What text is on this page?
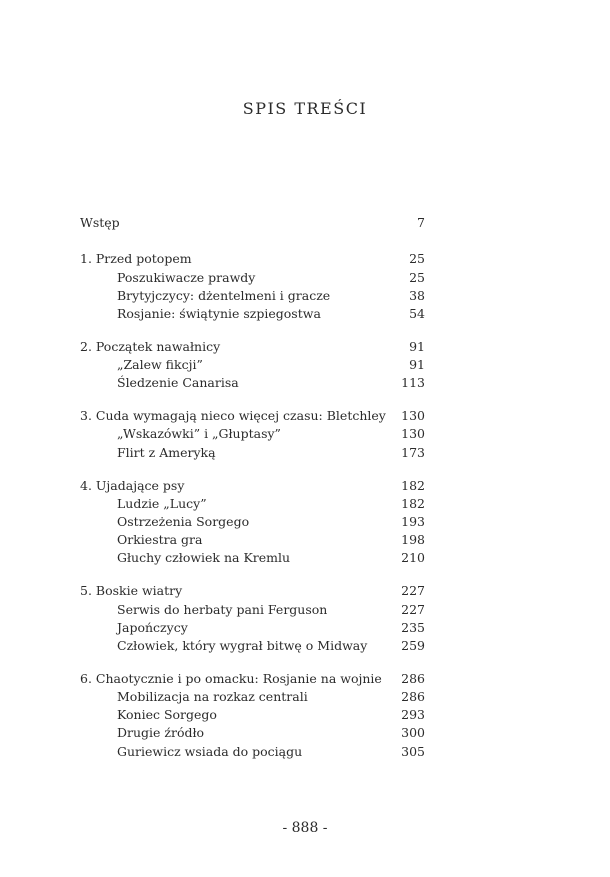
SPIS TREŚCI
Wstęp	7
1. Przed potopem	25
Poszukiwacze prawdy	25
Brytyjczycy: dżentelmeni i gracze	38
Rosjanie: świątynie szpiegostwa	54
2. Początek nawałnicy	91
„Zalew fikcji”	91
Śledzenie Canarisa	113
3. Cuda wymagają nieco więcej czasu: Bletchley 130
„Wskazówki” i „Głuptasy”	130
Flirt z Ameryką	173
4. Ujadające psy	182
Ludzie „Lucy”	182
Ostrzeżenia Sorgego	193
Orkiestra gra	198
Głuchy człowiek na Kremlu	210
5. Boskie wiatry	227
Serwis do herbaty pani Ferguson	227
Japończycy	235
Człowiek, który wygrał bitwę o Midway	259
6. Chaotycznie i po omacku: Rosjanie na wojnie 286
Mobilizacja na rozkaz centrali	286
Koniec Sorgego	293
Drugie źródło	300
Guriewicz wsiada do pociągu	305
- 888 -
